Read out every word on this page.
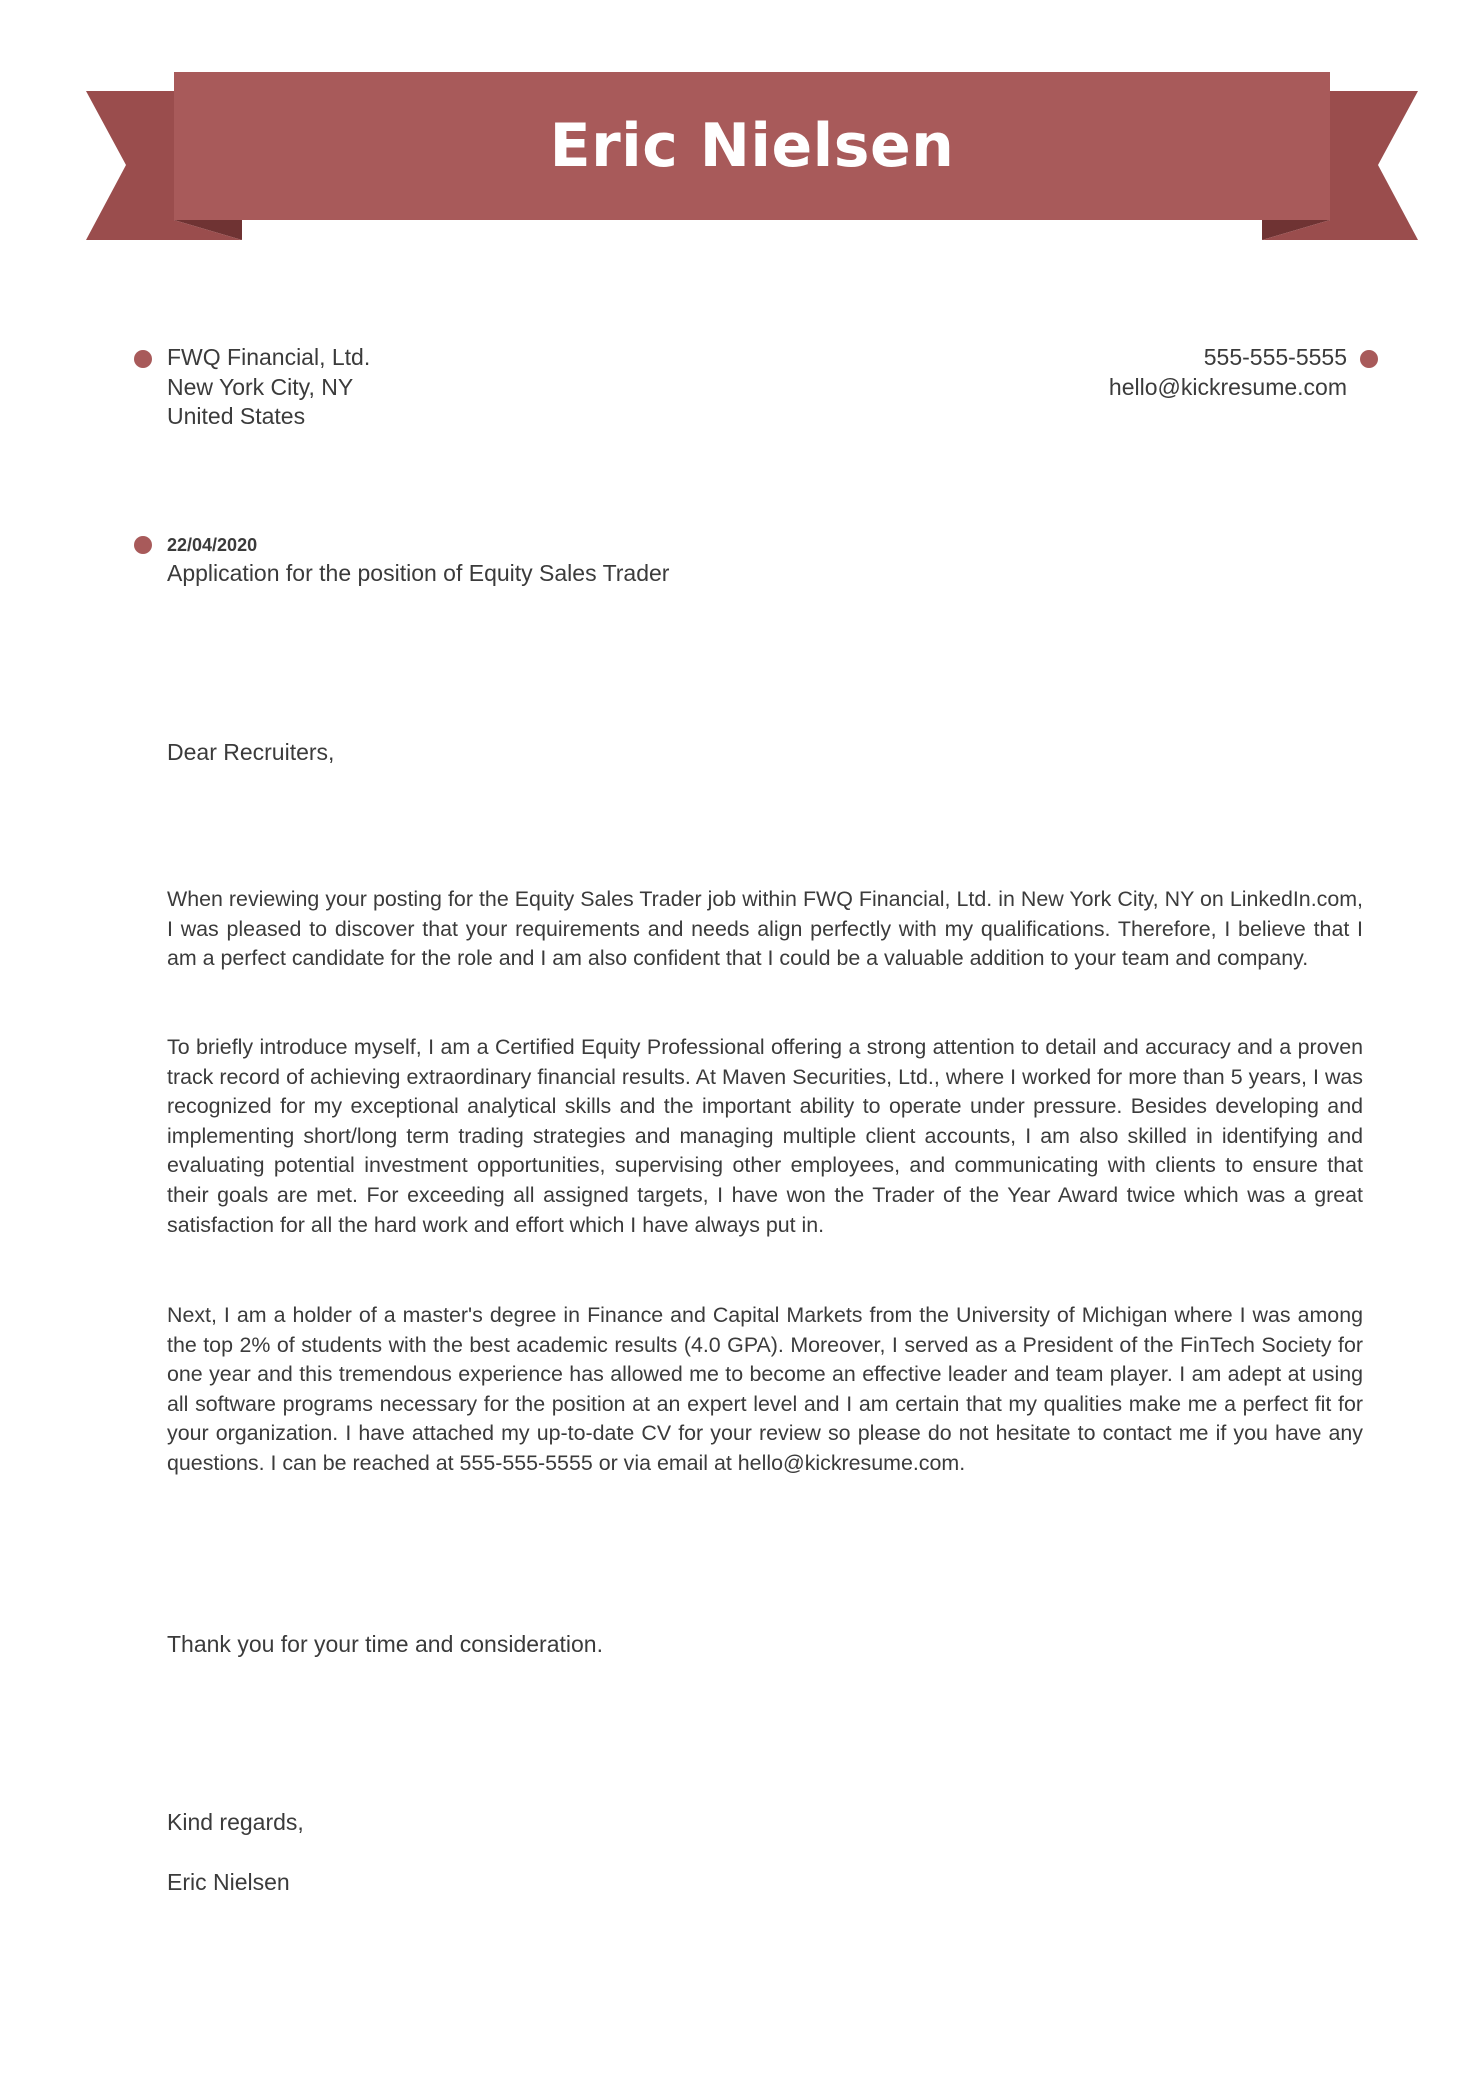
Eric Nielsen
FWQ Financial, Ltd.
New York City, NY
United States
555-555-5555
hello@kickresume.com
22/04/2020
Application for the position of Equity Sales Trader
Dear Recruiters,
When reviewing your posting for the Equity Sales Trader job within FWQ Financial, Ltd. in New York City, NY on LinkedIn.com, I was pleased to discover that your requirements and needs align perfectly with my qualifications. Therefore, I believe that I am a perfect candidate for the role and I am also confident that I could be a valuable addition to your team and company.
To briefly introduce myself, I am a Certified Equity Professional offering a strong attention to detail and accuracy and a proven track record of achieving extraordinary financial results. At Maven Securities, Ltd., where I worked for more than 5 years, I was recognized for my exceptional analytical skills and the important ability to operate under pressure. Besides developing and implementing short/long term trading strategies and managing multiple client accounts, I am also skilled in identifying and evaluating potential investment opportunities, supervising other employees, and communicating with clients to ensure that their goals are met. For exceeding all assigned targets, I have won the Trader of the Year Award twice which was a great satisfaction for all the hard work and effort which I have always put in.
Next, I am a holder of a master's degree in Finance and Capital Markets from the University of Michigan where I was among the top 2% of students with the best academic results (4.0 GPA). Moreover, I served as a President of the FinTech Society for one year and this tremendous experience has allowed me to become an effective leader and team player. I am adept at using all software programs necessary for the position at an expert level and I am certain that my qualities make me a perfect fit for your organization. I have attached my up-to-date CV for your review so please do not hesitate to contact me if you have any questions. I can be reached at 555-555-5555 or via email at hello@kickresume.com.
Thank you for your time and consideration.
Kind regards,
Eric Nielsen
